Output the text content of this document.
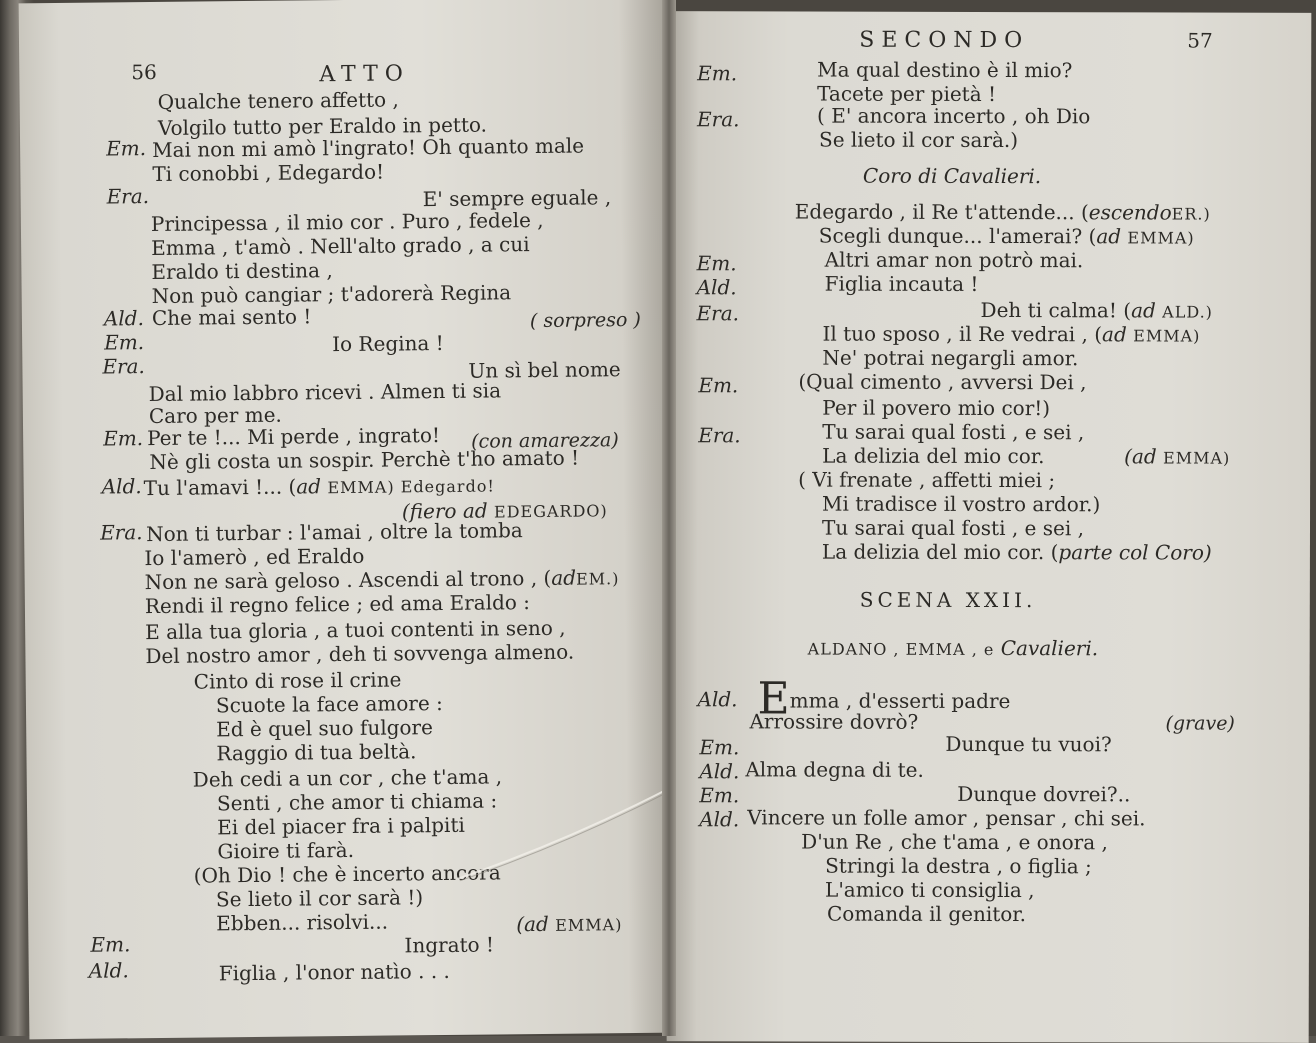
56	ATTO
Qualche tenero affetto ,
Volgilo tutto per Eraldo in petto.
Em. Mai non mi amò l'ingrato! Oh quanto male
Ti conobbi , Edegardo!
Era.	E' sempre eguale ,
Principessa , il mio cor . Puro , fedele ,
Emma , t'amò . Nell'alto grado , a cui
Eraldo ti destina ,
Non può cangiar ; t'adorerà Regina
Ald. Che mai sento !	( sorpreso )
Em.	Io Regina !
Era.	Un sì bel nome
Dal mio labbro ricevi . Almen ti sia
Caro per me.
Em. Per te !... Mi perde , ingrato! (con amarezza)
Nè gli costa un sospir. Perchè t'ho amato !
Ald. Tu l'amavi !... (ad EMMA) Edegardo!
(fiero ad EDEGARDO)
Era. Non ti turbar : l'amai , oltre la tomba
Io l'amerò , ed Eraldo
Non ne sarà geloso . Ascendi al trono , (adEM.)
Rendi il regno felice ; ed ama Eraldo :
E alla tua gloria , a tuoi contenti in seno ,
Del nostro amor , deh ti sovvenga almeno.
Cinto di rose il crine
Scuote la face amore :
Ed è quel suo fulgore
Raggio di tua beltà.
Deh cedi a un cor , che t'ama ,
Senti , che amor ti chiama :
Ei del piacer fra i palpiti
Gioire ti farà.
(Oh Dio ! che è incerto ancora
Se lieto il cor sarà !)
Ebben... risolvi...	(ad EMMA)
Em.	Ingrato !
Ald.	Figlia , l'onor natìo . . .
SECONDO	57
Em.	Ma qual destino è il mio?
Tacete per pietà !
Era.	( E' ancora incerto , oh Dio
Se lieto il cor sarà.)
Coro di Cavalieri.
Edegardo , il Re t'attende... (escendoER.)
Scegli dunque... l'amerai? (ad EMMA)
Em.	Altri amar non potrò mai.
Ald.	Figlia incauta !
Era.	Deh ti calma! (ad ALD.)
Il tuo sposo , il Re vedrai , (ad EMMA)
Ne' potrai negargli amor.
Em.	(Qual cimento , avversi Dei ,
Per il povero mio cor!)
Era.	Tu sarai qual fosti , e sei ,
La delizia del mio cor.	(ad EMMA)
( Vi frenate , affetti miei ;
Mi tradisce il vostro ardor.)
Tu sarai qual fosti , e sei ,
La delizia del mio cor. (parte col Coro)
SCENA XXII.
ALDANO , EMMA , e Cavalieri.
Ald. Emma , d'esserti padre
Arrossire dovrò?	(grave)
Em.	Dunque tu vuoi?
Ald. Alma degna di te.
Em.	Dunque dovrei?..
Ald. Vincere un folle amor , pensar , chi sei.
D'un Re , che t'ama , e onora ,
Stringi la destra , o figlia ;
L'amico ti consiglia ,
Comanda il genitor.
